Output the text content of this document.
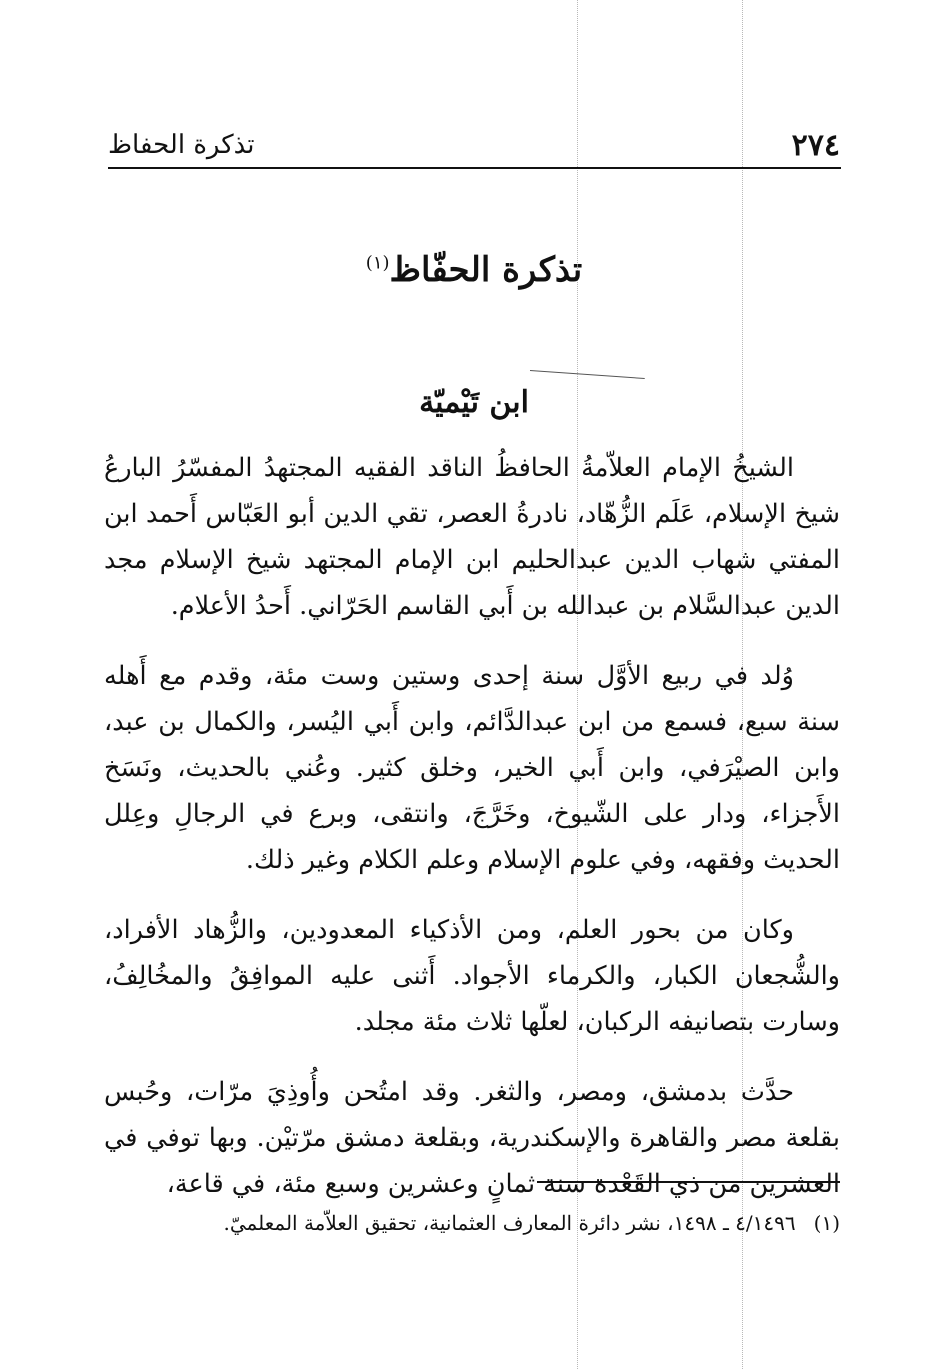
٢٧٤
تذكرة الحفاظ
تذكرة الحفّاظ$^{(١)}$
ابن تَيْميّة

الشيخُ الإمام العلاّمةُ الحافظُ الناقد الفقيه المجتهدُ المفسّرُ البارعُ شيخ الإسلام، عَلَم الزُّهّاد، نادرةُ العصر، تقي الدين أبو العَبّاس أَحمد ابن المفتي شهاب الدين عبدالحليم ابن الإمام المجتهد شيخ الإسلام مجد الدين عبدالسَّلام بن عبدالله بن أَبي القاسم الحَرّاني. أَحدُ الأعلام.

وُلد في ربيع الأوَّل سنة إحدى وستين وست مئة، وقدم مع أَهله سنة سبع، فسمع من ابن عبدالدَّائم، وابن أَبي اليُسر، والكمال بن عبد، وابن الصيْرَفي، وابن أَبي الخير، وخلق كثير. وعُني بالحديث، ونَسَخ الأَجزاء، ودار على الشّيوخ، وخَرَّجَ، وانتقى، وبرع في الرجالِ وعِلل الحديث وفقهه، وفي علوم الإسلام وعلم الكلام وغير ذلك.

وكان من بحور العلم، ومن الأذكياء المعدودين، والزُّهاد الأفراد، والشُّجعان الكبار، والكرماء الأجواد. أَثنى عليه الموافِقُ والمخُالِفُ، وسارت بتصانيفه الركبان، لعلّها ثلاث مئة مجلد.

حدَّث بدمشق، ومصر، والثغر. وقد امتُحن وأُوذِيَ مرّات، وحُبس بقلعة مصر والقاهرة والإسكندرية، وبقلعة دمشق مرّتيْن. وبها توفي في العشرين من ذي القَعْدة سنة ثمانٍ وعشرين وسبع مئة، في قاعة،

(١)٤/١٤٩٦ ـ ١٤٩٨، نشر دائرة المعارف العثمانية، تحقيق العلاّمة المعلميّ.
